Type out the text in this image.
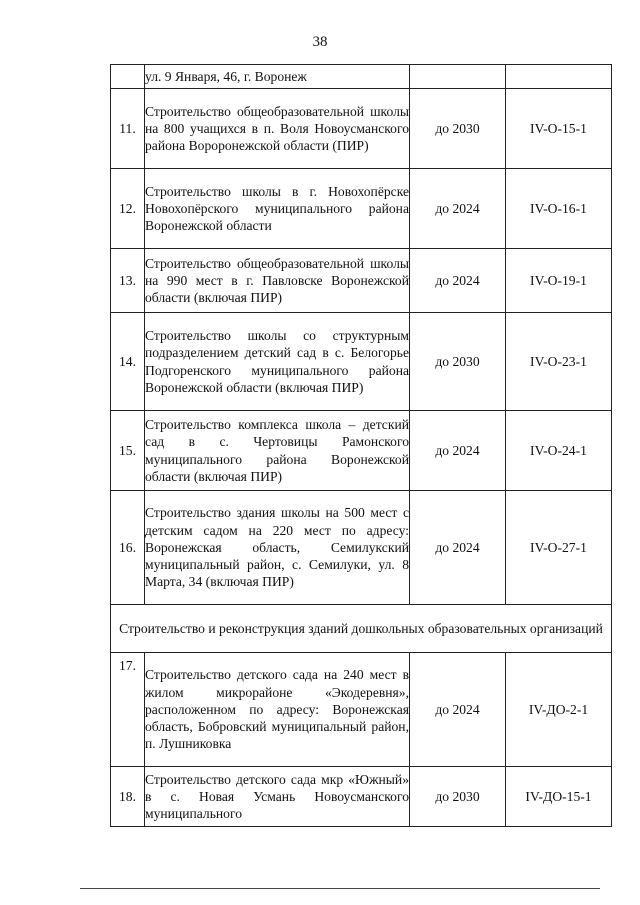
38
	ул. 9 Января, 46, г. Воронеж		
11.	Строительство общеобразовательной школы на 800 учащихся в п. Воля Новоусманского района Вороронежской области (ПИР)	до 2030	IV-О-15-1
12.	Строительство школы в г. Новохопёрске Новохопёрского муниципального района Воронежской области	до 2024	IV-О-16-1
13.	Строительство общеобразовательной школы на 990 мест в г. Павловске Воронежской области (включая ПИР)	до 2024	IV-О-19-1
14.	Строительство школы со структурным подразделением детский сад в с. Белогорье Подгоренского муниципального района Воронежской области (включая ПИР)	до 2030	IV-О-23-1
15.	Строительство комплекса школа – детский сад в с. Чертовицы Рамонского муниципального района Воронежской области (включая ПИР)	до 2024	IV-О-24-1
16.	Строительство здания школы на 500 мест с детским садом на 220 мест по адресу: Воронежская область, Семилукский муниципальный район, с. Семилуки, ул. 8 Марта, 34 (включая ПИР)	до 2024	IV-О-27-1
Строительство и реконструкция зданий дошкольных образовательных организаций			
17.	Строительство детского сада на 240 мест в жилом микрорайоне «Экодеревня», расположенном по адресу: Воронежская область, Бобровский муниципальный район, п. Лушниковка	до 2024	IV-ДО-2-1
18.	Строительство детского сада мкр «Южный» в с. Новая Усмань Новоусманского муниципального	до 2030	IV-ДО-15-1
